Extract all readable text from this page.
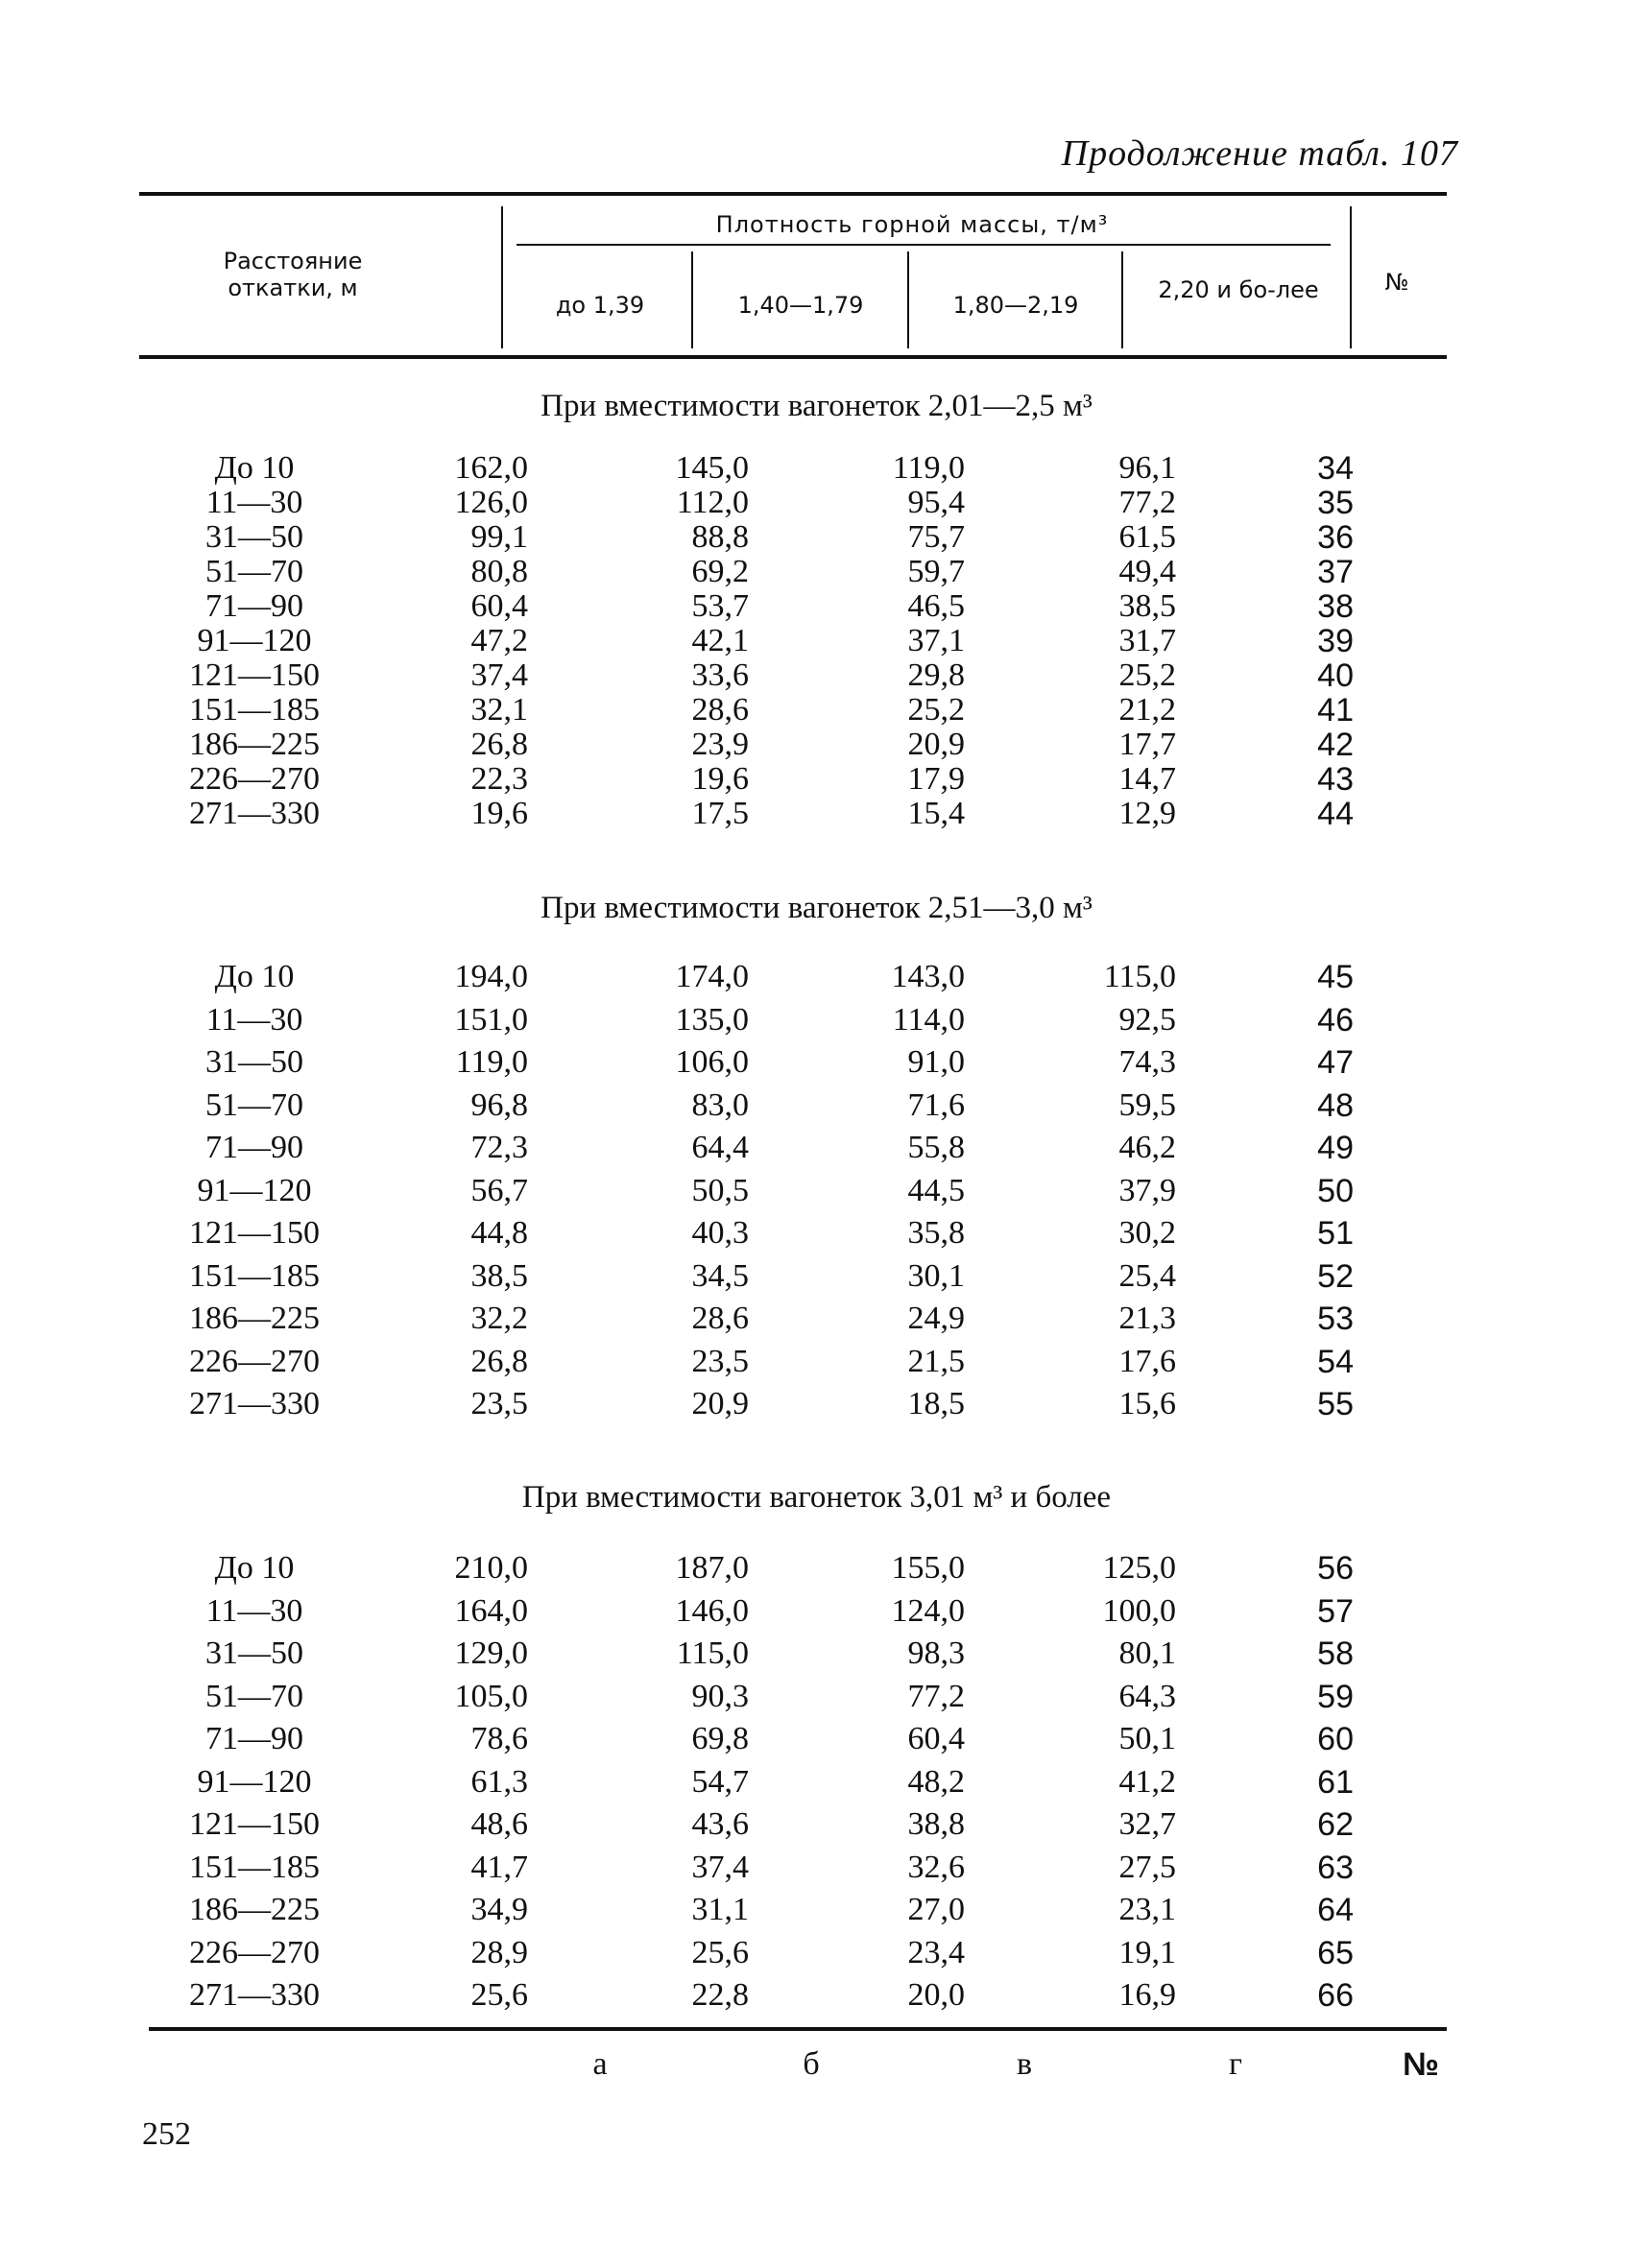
Продолжение табл. 107
Расстояние откатки, м
Плотность горной массы, т/м³
до 1,39	1,40—1,79	1,80—2,19
2,20 и бо-лее	№
При вместимости вагонеток 2,01—2,5 м³
До 10	162,0	145,0	119,0	96,1	34
11—30	126,0	112,0	95,4	77,2	35
31—50	99,1	88,8	75,7	61,5	36
51—70	80,8	69,2	59,7	49,4	37
71—90	60,4	53,7	46,5	38,5	38
91—120	47,2	42,1	37,1	31,7	39
121—150	37,4	33,6	29,8	25,2	40
151—185	32,1	28,6	25,2	21,2	41
186—225	26,8	23,9	20,9	17,7	42
226—270	22,3	19,6	17,9	14,7	43
271—330	19,6	17,5	15,4	12,9	44
При вместимости вагонеток 2,51—3,0 м³
До 10	194,0	174,0	143,0	115,0	45
11—30	151,0	135,0	114,0	92,5	46
31—50	119,0	106,0	91,0	74,3	47
51—70	96,8	83,0	71,6	59,5	48
71—90	72,3	64,4	55,8	46,2	49
91—120	56,7	50,5	44,5	37,9	50
121—150	44,8	40,3	35,8	30,2	51
151—185	38,5	34,5	30,1	25,4	52
186—225	32,2	28,6	24,9	21,3	53
226—270	26,8	23,5	21,5	17,6	54
271—330	23,5	20,9	18,5	15,6	55
При вместимости вагонеток 3,01 м³ и более
До 10	210,0	187,0	155,0	125,0	56
11—30	164,0	146,0	124,0	100,0	57
31—50	129,0	115,0	98,3	80,1	58
51—70	105,0	90,3	77,2	64,3	59
71—90	78,6	69,8	60,4	50,1	60
91—120	61,3	54,7	48,2	41,2	61
121—150	48,6	43,6	38,8	32,7	62
151—185	41,7	37,4	32,6	27,5	63
186—225	34,9	31,1	27,0	23,1	64
226—270	28,9	25,6	23,4	19,1	65
271—330	25,6	22,8	20,0	16,9	66
а	б	в	г	№
252
